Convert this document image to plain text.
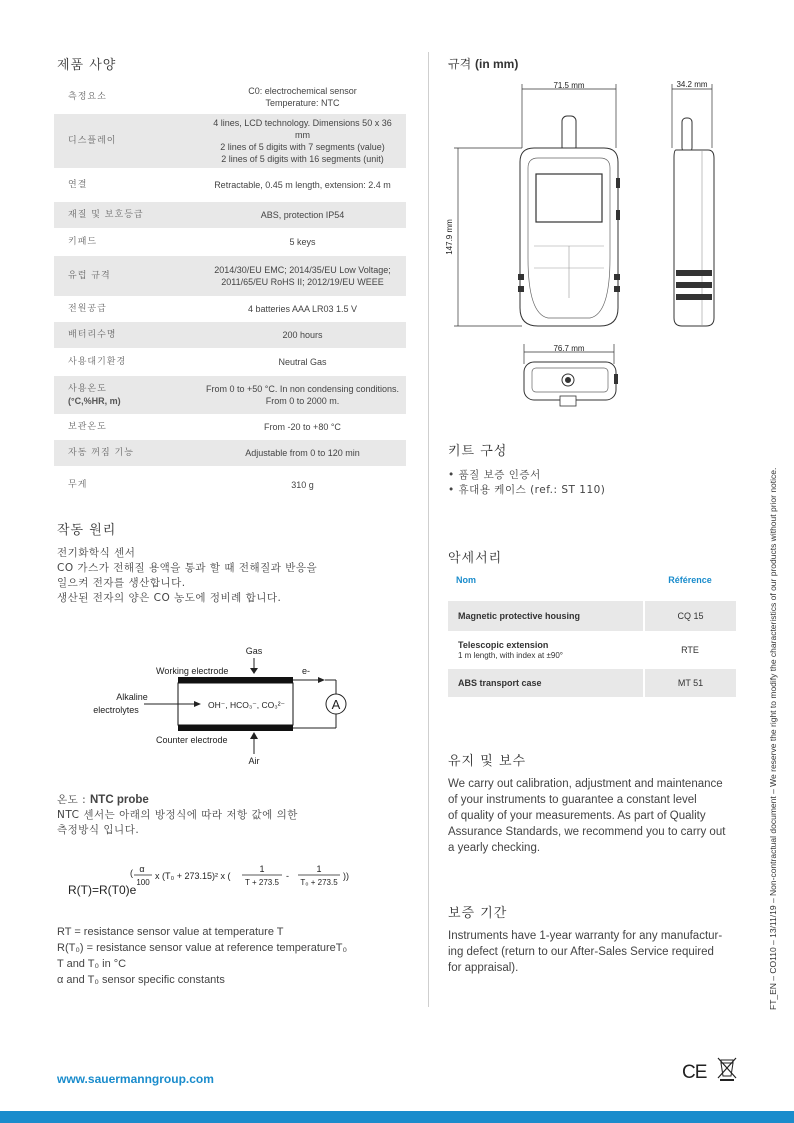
제품 사양
측정요소	C0: electrochemical sensor
Temperature: NTC
디스플레이	4 lines, LCD technology. Dimensions 50 x 36 mm
2 lines of 5 digits with 7 segments (value)
2 lines of 5 digits with 16 segments (unit)
연결	Retractable, 0.45 m length, extension: 2.4 m
재질 및 보호등급	ABS, protection IP54
키패드	5 keys
유럽 규격	2014/30/EU EMC; 2014/35/EU Low Voltage;
2011/65/EU RoHS II; 2012/19/EU WEEE
전원공급	4 batteries AAA LR03 1.5 V
배터리수명	200 hours
사용대기환경	Neutral Gas
사용온도
(°C,%HR, m)	From 0 to +50 °C. In non condensing conditions.
From 0 to 2000 m.
보관온도	From -20 to +80 °C
자동 꺼짐 기능	Adjustable from 0 to 120 min
무게	310 g
작동 원리
전기화학식 센서
CO 가스가 전해질 용액을 통과 할 때 전해질과 반응을
일으켜 전자를 생산합니다.
생산된 전자의 양은 CO 농도에 정비례 합니다.
Gas
Working electrode	e-
A
Alkaline
electrolytes	OH⁻, HCO₃⁻, CO₃²⁻
Counter electrode
Air
온도 : NTC probe
NTC 센서는 아래의 방정식에 따라 저항 값에 의한
측정방식 입니다.
R(T)=R(T0)e
( α
100
x (T₀ + 273.15)² x (
1
T + 273.5
-
1
T₀ + 273.5
))
RT = resistance sensor value at temperature T
R(T₀) = resistance sensor value at reference temperatureT₀
T and T₀ in °C
α and T₀ sensor specific constants
규격 (in mm)
71.5 mm
147.9 mm
34.2 mm
76.7 mm
키트 구성
• 품질 보증 인증서
• 휴대용 케이스 (ref.: ST 110)
악세서리
Nom	Référence

Magnetic protective housing	CQ 15
Telescopic extension
1 m length, with index at ±90°	RTE
ABS transport case	MT 51
유지 및 보수
We carry out calibration, adjustment and maintenance
of your instruments to guarantee a constant level
of quality of your measurements. As part of Quality
Assurance Standards, we recommend you to carry out
a yearly checking.
보증 기간
Instruments have 1-year warranty for any manufactur-
ing defect (return to our After-Sales Service required
for appraisal).	FT_EN – CO110 – 13/11/19 – Non-contractual document – We reserve the right to modify the characteristics of our products without prior notice.
www.sauermanngroup.com	CE
